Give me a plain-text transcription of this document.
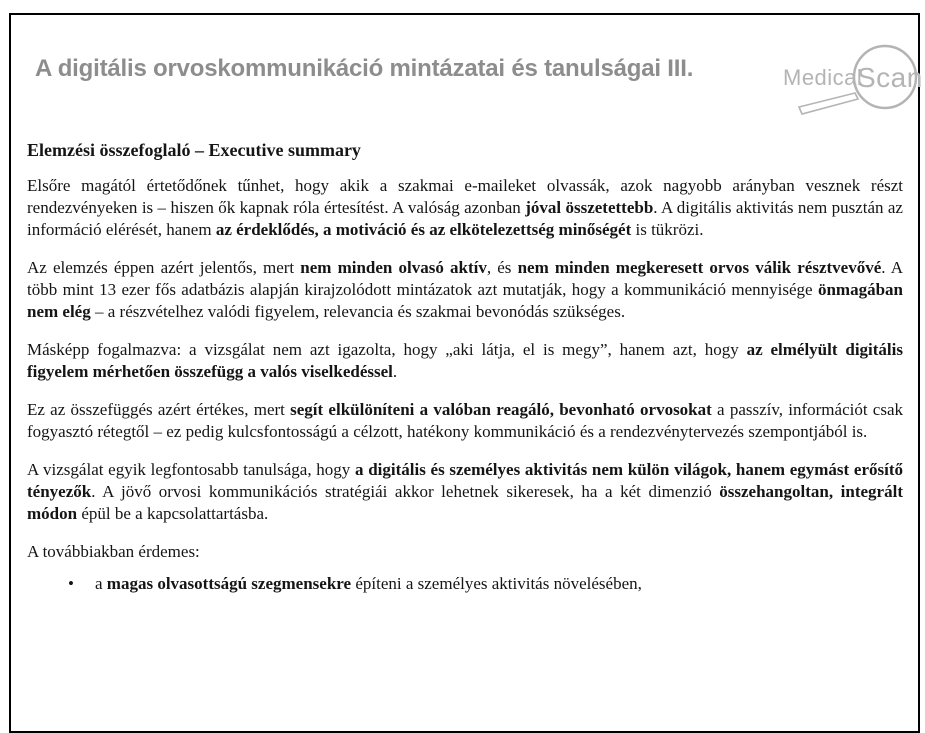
A digitális orvoskommunikáció mintázatai és tanulságai III.	Medical
Scan
Elemzési összefoglaló – Executive summary

Elsőre magától értetődőnek tűnhet, hogy akik a szakmai e-maileket olvassák, azok nagyobb arányban vesznek részt rendezvényeken is – hiszen ők kapnak róla értesítést. A valóság azonban jóval összetettebb. A digitális aktivitás nem pusztán az információ elérését, hanem az érdeklődés, a motiváció és az elkötelezettség minőségét is tükrözi.

Az elemzés éppen azért jelentős, mert nem minden olvasó aktív, és nem minden megkeresett orvos válik résztvevővé. A több mint 13 ezer fős adatbázis alapján kirajzolódott mintázatok azt mutatják, hogy a kommunikáció mennyisége önmagában nem elég – a részvételhez valódi figyelem, relevancia és szakmai bevonódás szükséges.

Másképp fogalmazva: a vizsgálat nem azt igazolta, hogy „aki látja, el is megy”, hanem azt, hogy az elmélyült digitális figyelem mérhetően összefügg a valós viselkedéssel.

Ez az összefüggés azért értékes, mert segít elkülöníteni a valóban reagáló, bevonható orvosokat a passzív, információt csak fogyasztó rétegtől – ez pedig kulcsfontosságú a célzott, hatékony kommunikáció és a rendezvénytervezés szempontjából is.

A vizsgálat egyik legfontosabb tanulsága, hogy a digitális és személyes aktivitás nem külön világok, hanem egymást erősítő tényezők. A jövő orvosi kommunikációs stratégiái akkor lehetnek sikeresek, ha a két dimenzió összehangoltan, integrált módon épül be a kapcsolattartásba.

A továbbiakban érdemes:

•	a magas olvasottságú szegmensekre építeni a személyes aktivitás növelésében,
